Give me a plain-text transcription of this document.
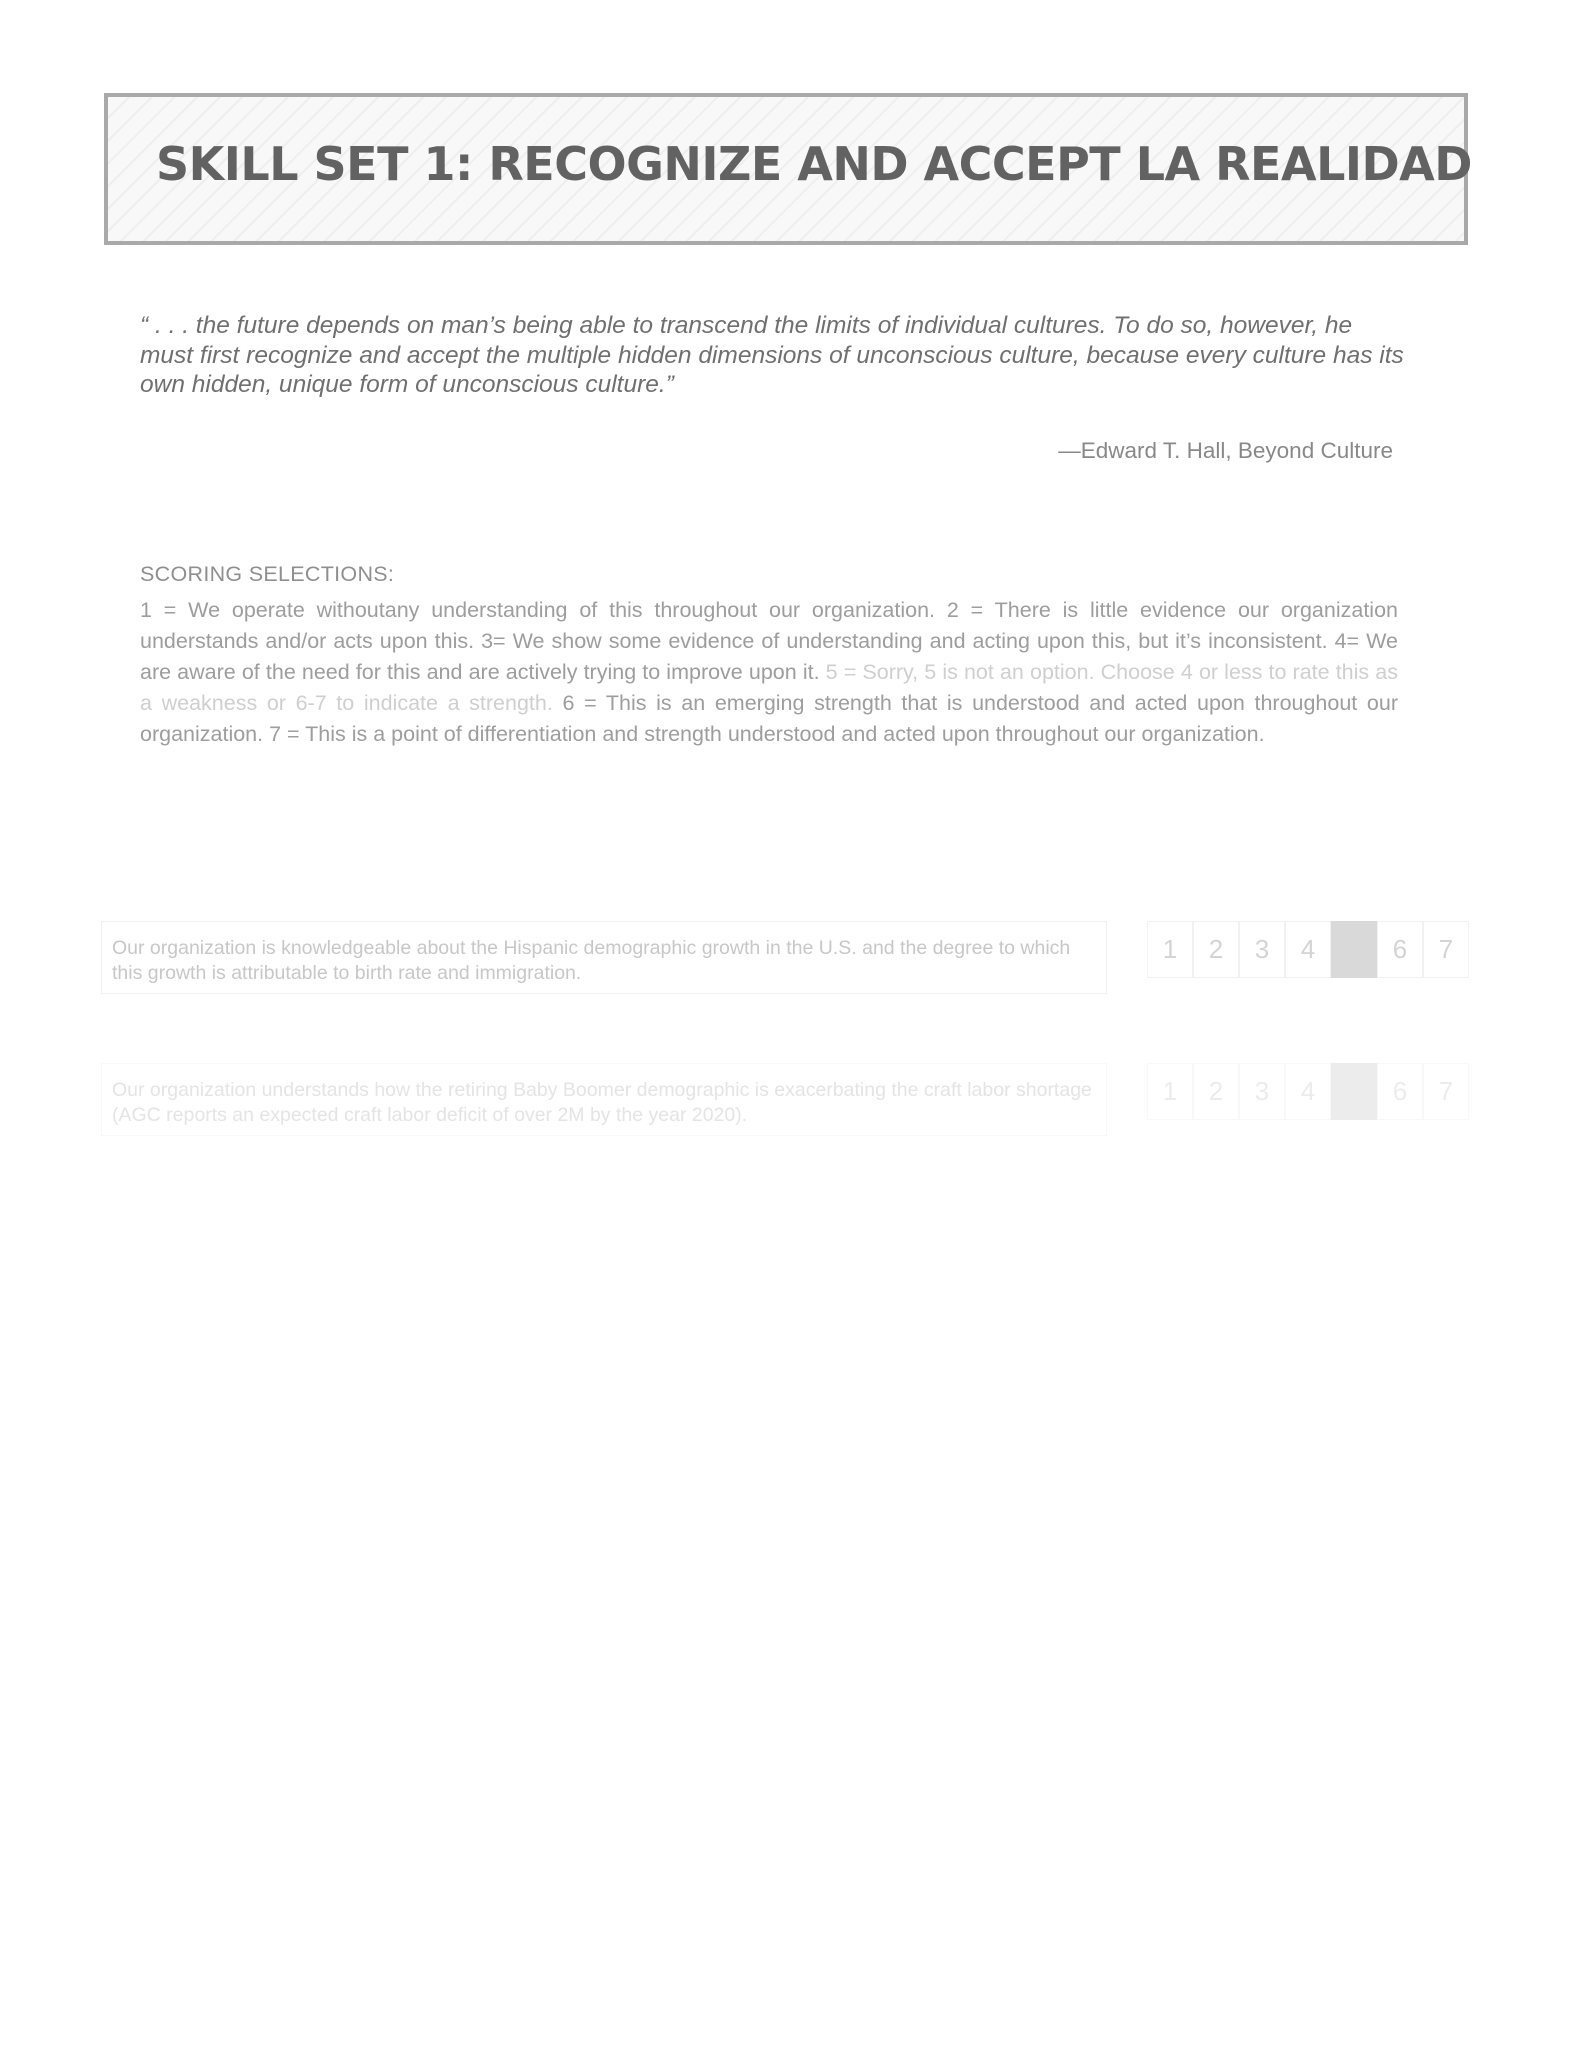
SKILL SET 1: RECOGNIZE AND ACCEPT LA REALIDAD

“ . . . the future depends on man’s being able to transcend the limits of individual cultures. To do so, however, he must first recognize and accept the multiple hidden dimensions of unconscious culture, because every culture has its own hidden, unique form of unconscious culture.”

—Edward T. Hall, Beyond Culture

SCORING SELECTIONS:

1 = We operate withoutany understanding of this throughout our organization. 2 = There is little evidence our organization understands and/or acts upon this. 3= We show some evidence of understanding and acting upon this, but it’s inconsistent. 4= We are aware of the need for this and are actively trying to improve upon it. 5 = Sorry, 5 is not an option. Choose 4 or less to rate this as a weakness or 6-7 to indicate a strength. 6 = This is an emerging strength that is understood and acted upon throughout our organization. 7 = This is a point of differentiation and strength understood and acted upon throughout our organization.

Our organization is knowledgeable about the Hispanic demographic growth in the U.S. and the degree to which this growth is attributable to birth rate and immigration.

1	2	3	4	6	7

Our organization understands how the retiring Baby Boomer demographic is exacerbating the craft labor shortage (AGC reports an expected craft labor deficit of over 2M by the year 2020).

1	2	3	4	6	7
